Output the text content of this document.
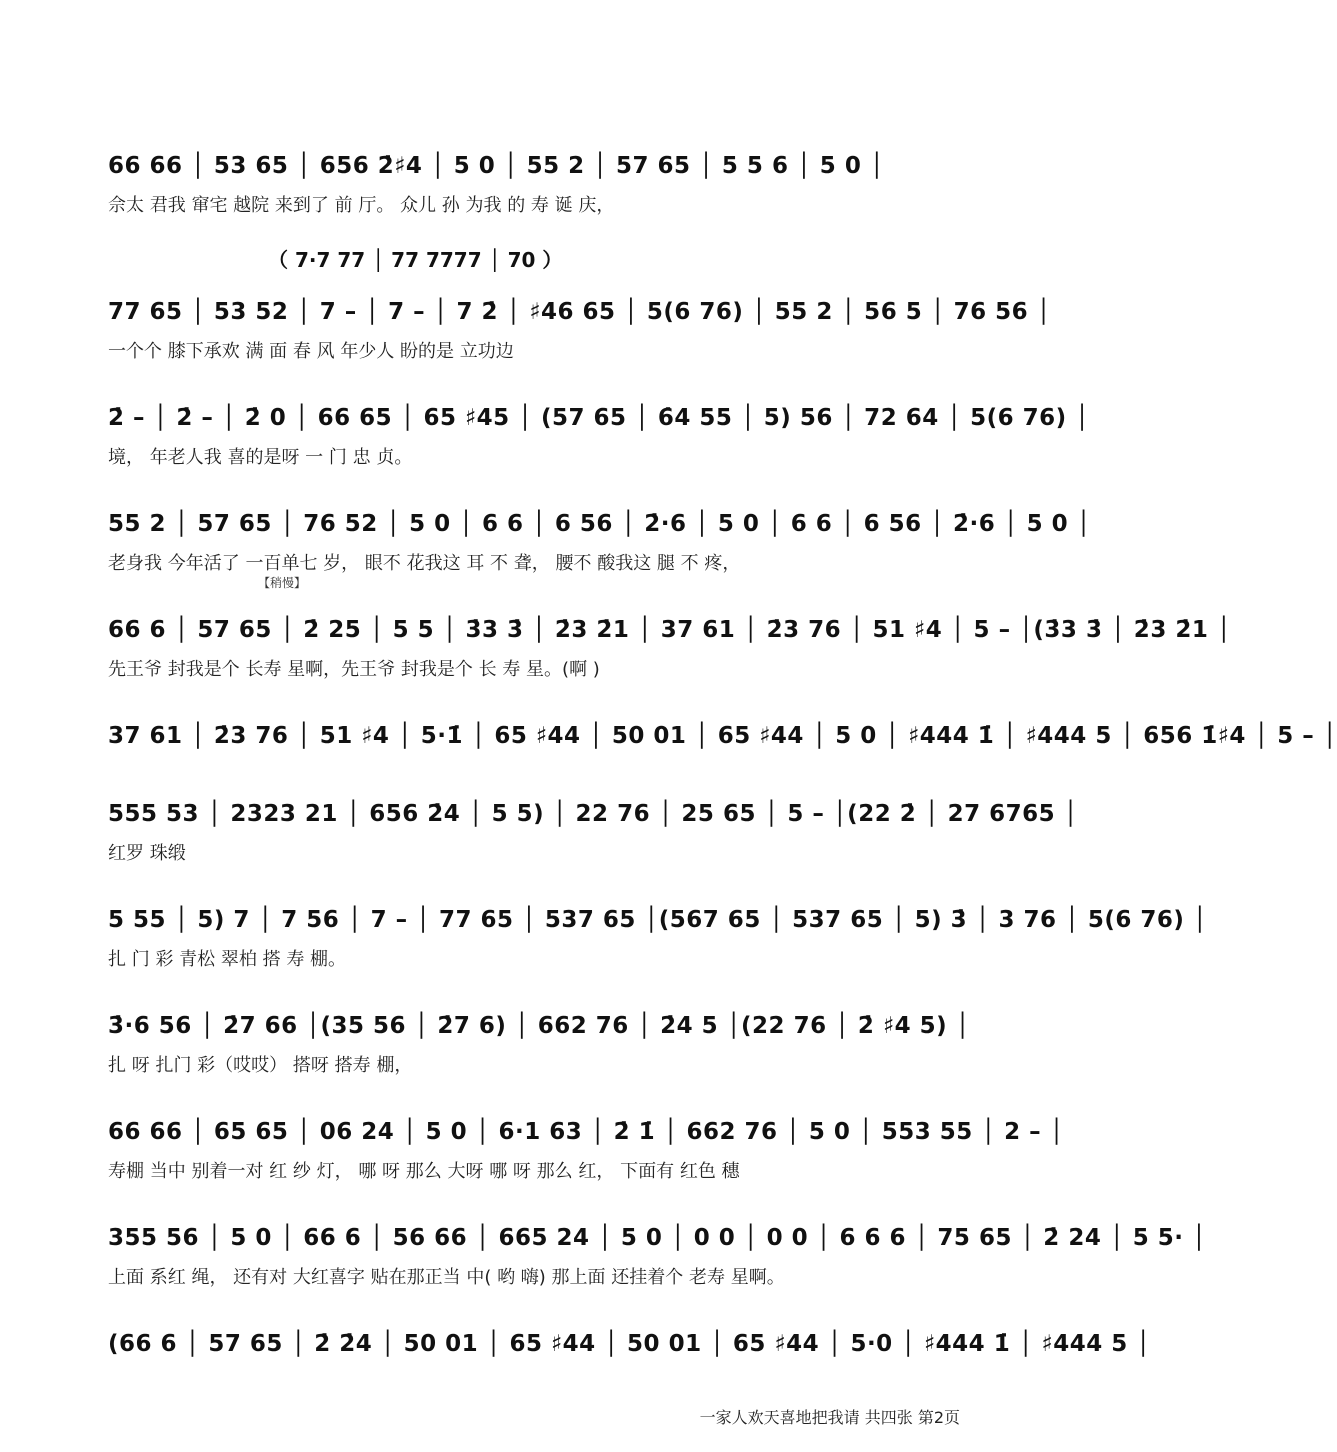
66 66 │ 53 65 │ 656 2̇♯4 │ 5 0 │ 55 2 │ 57 65 │ 5 5 6 │ 5 0 │
佘太 君我 窜宅 越院 来到了 前 厅。 众儿 孙 为我 的 寿 诞 庆，
（ 7·7 77 │ 77 7777 │ 70 ）
77 65 │ 53 52 │ 7 – │ 7 – │ 7 2̇ │ ♯46 65 │ 5(6 76) │ 55 2 │ 56 5 │ 76 56 │
一个个 膝下承欢 满 面 春 风 年少人 盼的是 立功边
2̇ – │ 2̇ – │ 2̇ 0 │ 66 65 │ 65 ♯45 │ (57 65 │ 6̇4 55 │ 5) 56 │ 72 64 │ 5(6 76) │
境， 年老人我 喜的是呀 一 门 忠 贞。
55 2 │ 57 65 │ 76 52 │ 5 0 │ 6 6 │ 6 56 │ 2̇·6 │ 5 0 │ 6 6 │ 6 56 │ 2̇·6 │ 5 0 │
老身我 今年活了 一百单七 岁， 眼不 花我这 耳 不 聋， 腰不 酸我这 腿 不 疼，
【稍慢】
66 6 │ 57 65 │ 2̇ 25 │ 5 5 │ 3̇3 3̇ │ 2̇3 2̇1 │ 37 61 │ 2̇3 76 │ 51 ♯4 │ 5 – │(3̇3 3̇ │ 2̇3 2̇1 │
先王爷 封我是个 长寿 星啊，先王爷 封我是个 长 寿 星。(啊 )
37 61 │ 2̇3 76 │ 51 ♯4 │ 5·1̇ │ 65 ♯44 │ 50 01 │ 65 ♯44 │ 5 0 │ ♯444 1̇ │ ♯444 5 │ 656 1̇♯4 │ 5 – │
555 53 │ 2323 21 │ 656 2̇4 │ 5 5) │ 22 76 │ 25 65 │ 5 – │(22 2̇ │ 27 6765 │
红罗 珠缎
5 55 │ 5) 7 │ 7 56 │ 7 – │ 77 65 │ 537 65 │(567 65 │ 537 65 │ 5) 3̇ │ 3 76 │ 5(6 76) │
扎 门 彩 青松 翠柏 搭 寿 棚。
3̇·6 56 │ 2̇7 66 │(35 56 │ 2̇7 6) │ 662 76 │ 2̇4 5 │(22 76 │ 2̇ ♯4 5) │
扎 呀 扎门 彩（哎哎） 搭呀 搭寿 棚，
66 66 │ 65 65 │ 06 24 │ 5 0 │ 6·1 63 │ 2̇ 1̇ │ 662 76 │ 5 0 │ 553 55 │ 2 – │
寿棚 当中 别着一对 红 纱 灯， 哪 呀 那么 大呀 哪 呀 那么 红， 下面有 红色 穗
355 56 │ 5 0 │ 66 6 │ 56 66 │ 665 24 │ 5 0 │ 0 0 │ 0 0 │ 6 6 6 │ 75 65 │ 2̇ 24 │ 5 5· │
上面 系红 绳， 还有对 大红喜字 贴在那正当 中( 哟 嗨) 那上面 还挂着个 老寿 星啊。
(66 6 │ 57 65 │ 2̇ 2̇4 │ 50 01 │ 65 ♯44 │ 50 01 │ 65 ♯44 │ 5·0 │ ♯444 1̇ │ ♯444 5 │
一家人欢天喜地把我请 共四张 第2页
